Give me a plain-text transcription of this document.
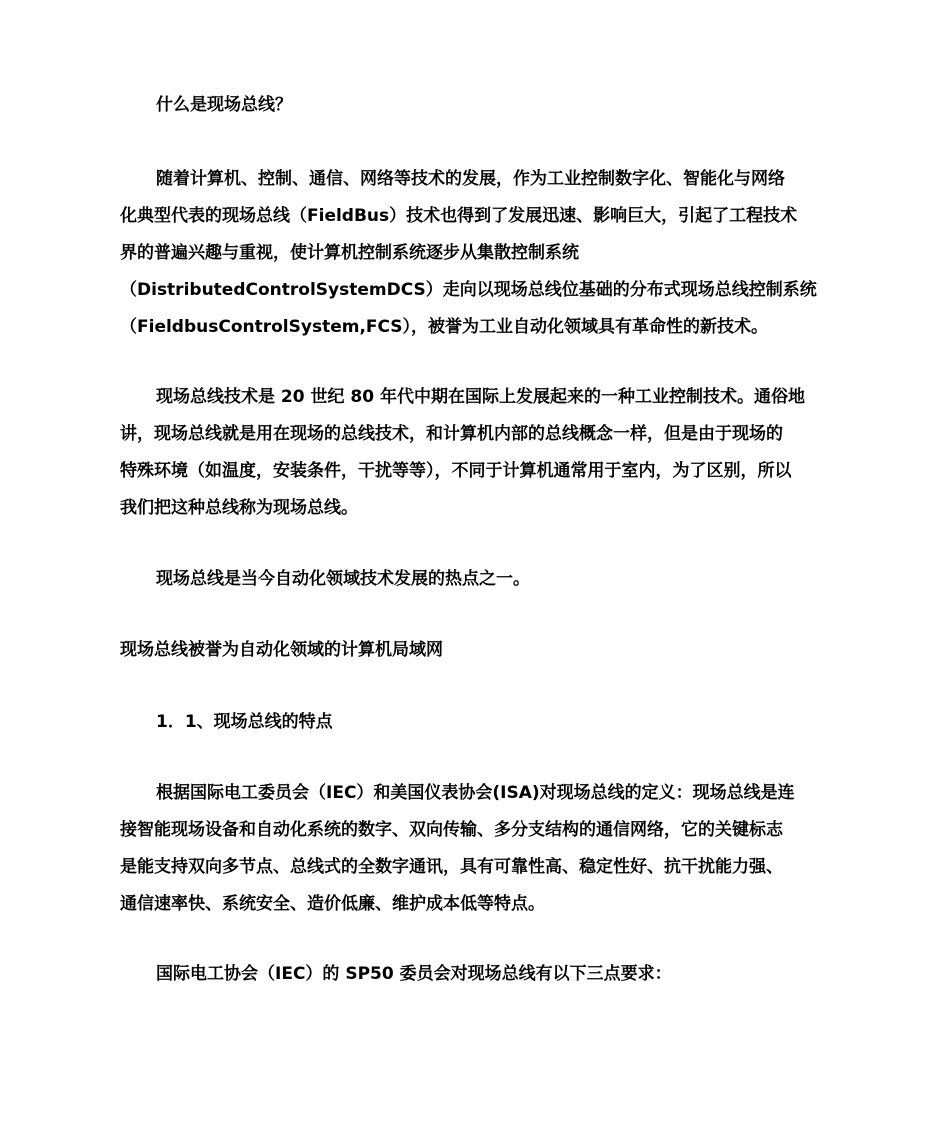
什么是现场总线？

随着计算机、控制、通信、网络等技术的发展，作为工业控制数字化、智能化与网络

化典型代表的现场总线（FieldBus）技术也得到了发展迅速、影响巨大，引起了工程技术

界的普遍兴趣与重视，使计算机控制系统逐步从集散控制系统

（DistributedControlSystemDCS）走向以现场总线位基础的分布式现场总线控制系统

（FieldbusControlSystem,FCS），被誉为工业自动化领域具有革命性的新技术。

现场总线技术是 20 世纪 80 年代中期在国际上发展起来的一种工业控制技术。通俗地

讲，现场总线就是用在现场的总线技术，和计算机内部的总线概念一样，但是由于现场的

特殊环境（如温度，安装条件，干扰等等），不同于计算机通常用于室内，为了区别，所以

我们把这种总线称为现场总线。

现场总线是当今自动化领域技术发展的热点之一。

现场总线被誉为自动化领域的计算机局域网

1．1、现场总线的特点

根据国际电工委员会（IEC）和美国仪表协会(ISA)对现场总线的定义：现场总线是连

接智能现场设备和自动化系统的数字、双向传输、多分支结构的通信网络，它的关键标志

是能支持双向多节点、总线式的全数字通讯，具有可靠性高、稳定性好、抗干扰能力强、

通信速率快、系统安全、造价低廉、维护成本低等特点。

国际电工协会（IEC）的 SP50 委员会对现场总线有以下三点要求：
